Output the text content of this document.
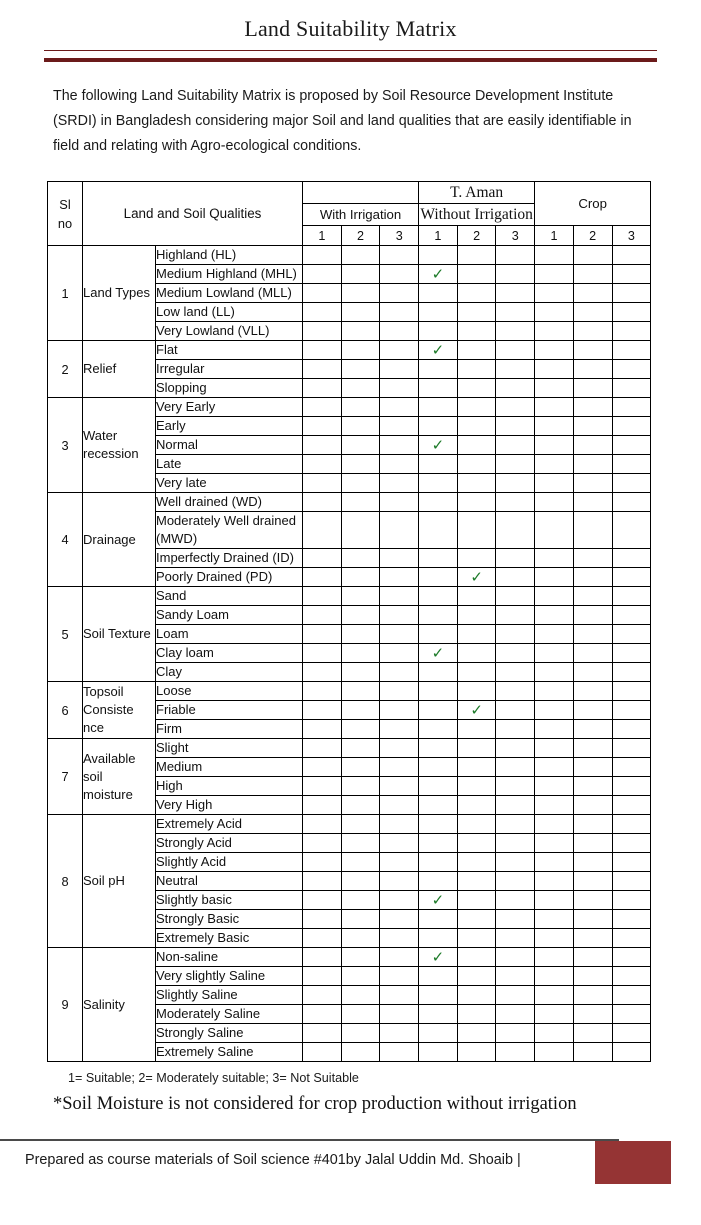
Land Suitability Matrix

The following Land Suitability Matrix is proposed by Soil Resource Development Institute (SRDI) in Bangladesh considering major Soil and land qualities that are easily identifiable in field and relating with Agro-ecological conditions.

Sl
no	Land and Soil Qualities					T. Aman			Crop		
			With Irrigation			Without Irrigation					
			1	2	3	1	2	3	1	2	3
1	Land Types	Highland (HL)									
		Medium Highland (MHL)				✓					
		Medium Lowland (MLL)									
		Low land (LL)									
		Very Lowland (VLL)									
2	Relief	Flat				✓					
		Irregular									
		Slopping									
3	Water recession	Very Early									
		Early									
		Normal				✓					
		Late									
		Very late									
4	Drainage	Well drained (WD)									
		Moderately Well drained (MWD)									
		Imperfectly Drained (ID)									
		Poorly Drained (PD)					✓				
5	Soil Texture	Sand									
		Sandy Loam									
		Loam									
		Clay loam				✓					
		Clay									
6	Topsoil Consiste nce	Loose									
		Friable					✓				
		Firm									
7	Available soil moisture	Slight									
		Medium									
		High									
		Very High									
8	Soil pH	Extremely Acid									
		Strongly Acid									
		Slightly Acid									
		Neutral									
		Slightly basic				✓					
		Strongly Basic									
		Extremely Basic									
9	Salinity	Non-saline				✓					
		Very slightly Saline									
		Slightly Saline									
		Moderately Saline									
		Strongly Saline									
		Extremely Saline									
1= Suitable; 2= Moderately suitable; 3= Not Suitable
*Soil Moisture is not considered for crop production without irrigation
Prepared as course materials of Soil science #401by Jalal Uddin Md. Shoaib |
